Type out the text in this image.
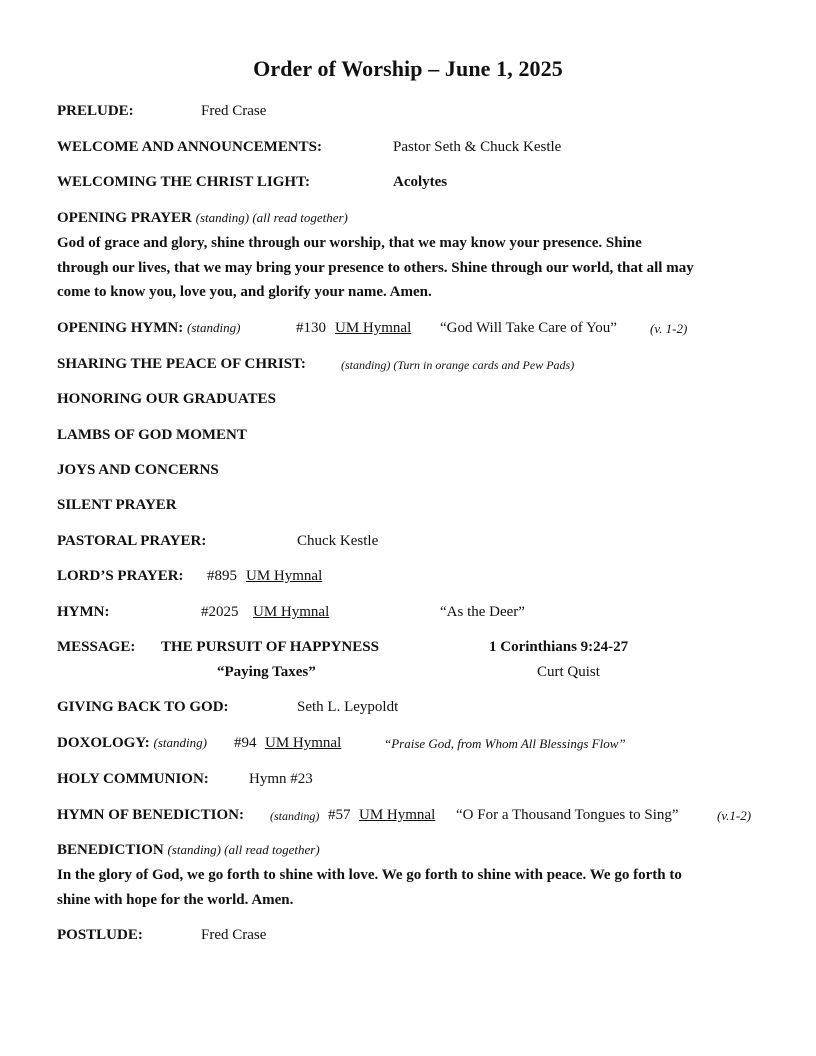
Order of Worship – June 1, 2025
PRELUDE:	Fred Crase
WELCOME AND ANNOUNCEMENTS:	Pastor Seth & Chuck Kestle
WELCOMING THE CHRIST LIGHT:	Acolytes
OPENING PRAYER (standing) (all read together)
God of grace and glory, shine through our worship, that we may know your presence. Shine
through our lives, that we may bring your presence to others. Shine through our world, that all may
come to know you, love you, and glorify your name. Amen.
OPENING HYMN: (standing)	#130 UM Hymnal “God Will Take Care of You”	(v. 1-2)
SHARING THE PEACE OF CHRIST:	(standing) (Turn in orange cards and Pew Pads)
HONORING OUR GRADUATES
LAMBS OF GOD MOMENT
JOYS AND CONCERNS
SILENT PRAYER
PASTORAL PRAYER:	Chuck Kestle
LORD’S PRAYER: #895 UM Hymnal
HYMN:	#2025 UM Hymnal	“As the Deer”
MESSAGE: THE PURSUIT OF HAPPYNESS	1 Corinthians 9:24-27
“Paying Taxes”	Curt Quist
GIVING BACK TO GOD:	Seth L. Leypoldt
DOXOLOGY: (standing) #94 UM Hymnal	“Praise God, from Whom All Blessings Flow”
HOLY COMMUNION:	Hymn #23
HYMN OF BENEDICTION: (standing) #57 UM Hymnal “O For a Thousand Tongues to Sing”	(v.1-2)
BENEDICTION (standing) (all read together)
In the glory of God, we go forth to shine with love. We go forth to shine with peace. We go forth to
shine with hope for the world. Amen.
POSTLUDE:	Fred Crase
